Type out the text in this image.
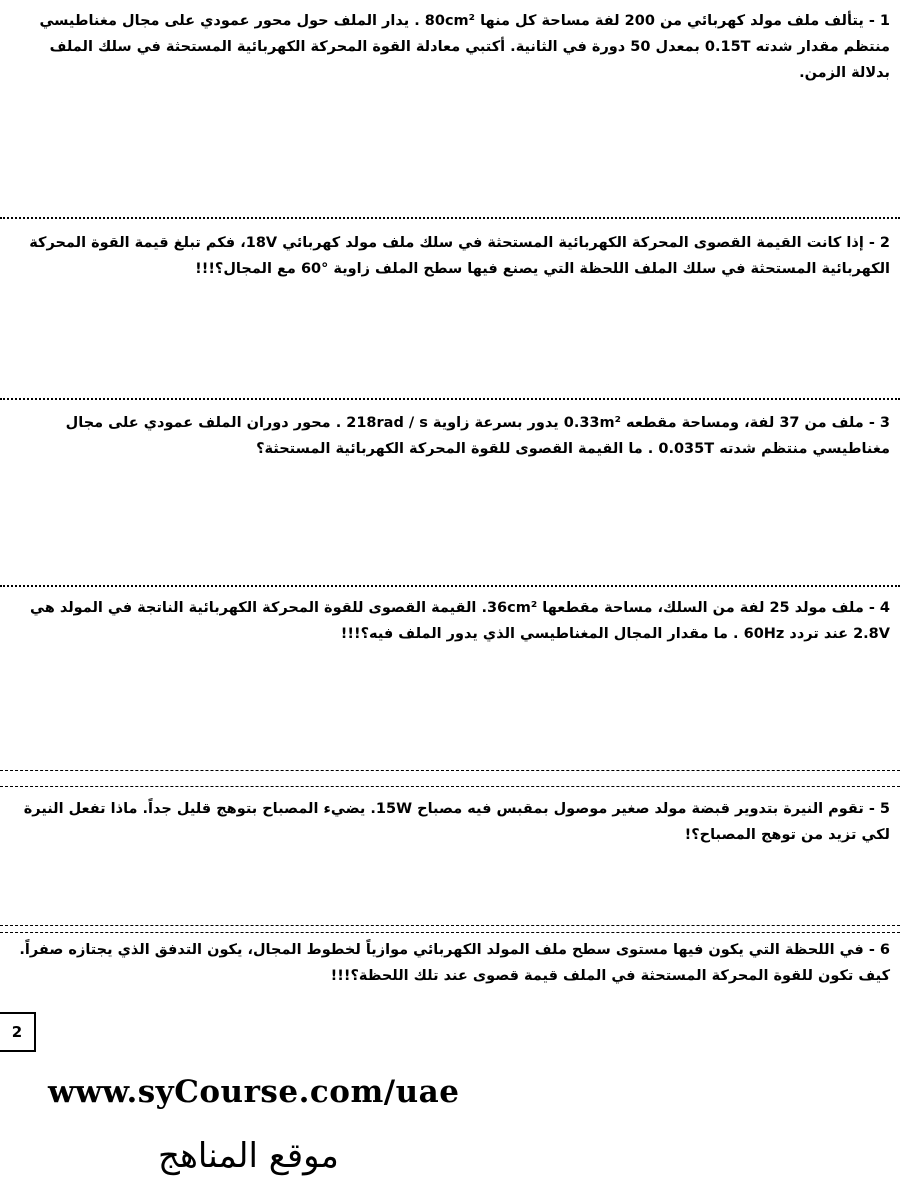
1 - يتألف ملف مولد كهربائي من 200 لفة مساحة كل منها 80cm² . يدار الملف حول محور عمودي على مجال مغناطيسي منتظم مقدار شدته 0.15T بمعدل 50 دورة في الثانية. أكتبي معادلة القوة المحركة الكهربائية المستحثة في سلك الملف بدلالة الزمن.
2 - إذا كانت القيمة القصوى المحركة الكهربائية المستحثة في سلك ملف مولد كهربائي 18V، فكم تبلغ قيمة القوة المحركة الكهربائية المستحثة في سلك الملف اللحظة التي يصنع فيها سطح الملف زاوية °60 مع المجال؟!!!
3 - ملف من 37 لفة، ومساحة مقطعه 0.33m² يدور بسرعة زاوية 218rad / s . محور دوران الملف عمودي على مجال مغناطيسي منتظم شدته 0.035T . ما القيمة القصوى للقوة المحركة الكهربائية المستحثة؟
4 - ملف مولد 25 لفة من السلك، مساحة مقطعها 36cm². القيمة القصوى للقوة المحركة الكهربائية الناتجة في المولد هي 2.8V عند تردد 60Hz . ما مقدار المجال المغناطيسي الذي يدور الملف فيه؟!!!
5 - تقوم النيرة بتدوير قبضة مولد صغير موصول بمقبس فيه مصباح 15W. يضيء المصباح بتوهج قليل جداً. ماذا تفعل النيرة لكي تزيد من توهج المصباح؟!
6 - في اللحظة التي يكون فيها مستوى سطح ملف المولد الكهربائي موازياً لخطوط المجال، يكون التدفق الذي يجتازه صفراً. كيف تكون للقوة المحركة المستحثة في الملف قيمة قصوى عند تلك اللحظة؟!!!
2
www.syCourse.com/uae
موقع المناهج
